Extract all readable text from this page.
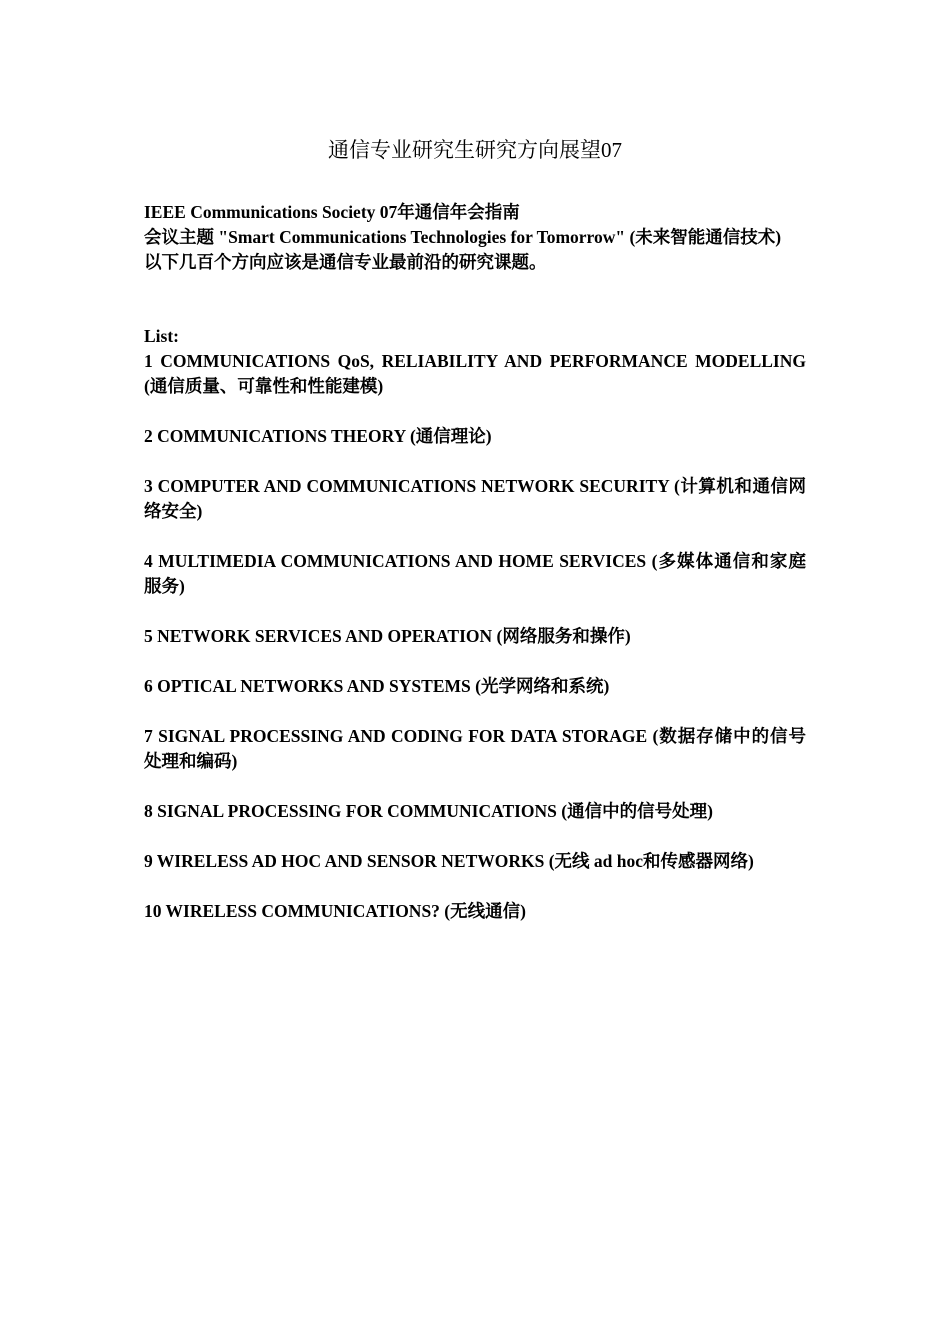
通信专业研究生研究方向展望07

IEEE Communications Society 07年通信年会指南

会议主题 "Smart Communications Technologies for Tomorrow" (未来智能通信技术)

以下几百个方向应该是通信专业最前沿的研究课题。

List:

1 COMMUNICATIONS QoS, RELIABILITY AND PERFORMANCE MODELLING (通信质量、可靠性和性能建模)

2 COMMUNICATIONS THEORY (通信理论)

3 COMPUTER AND COMMUNICATIONS NETWORK SECURITY (计算机和通信网络安全)

4 MULTIMEDIA COMMUNICATIONS AND HOME SERVICES (多媒体通信和家庭服务)

5 NETWORK SERVICES AND OPERATION (网络服务和操作)

6 OPTICAL NETWORKS AND SYSTEMS (光学网络和系统)

7 SIGNAL PROCESSING AND CODING FOR DATA STORAGE (数据存储中的信号处理和编码)

8 SIGNAL PROCESSING FOR COMMUNICATIONS (通信中的信号处理)

9 WIRELESS AD HOC AND SENSOR NETWORKS (无线 ad hoc和传感器网络)

10 WIRELESS COMMUNICATIONS? (无线通信)
